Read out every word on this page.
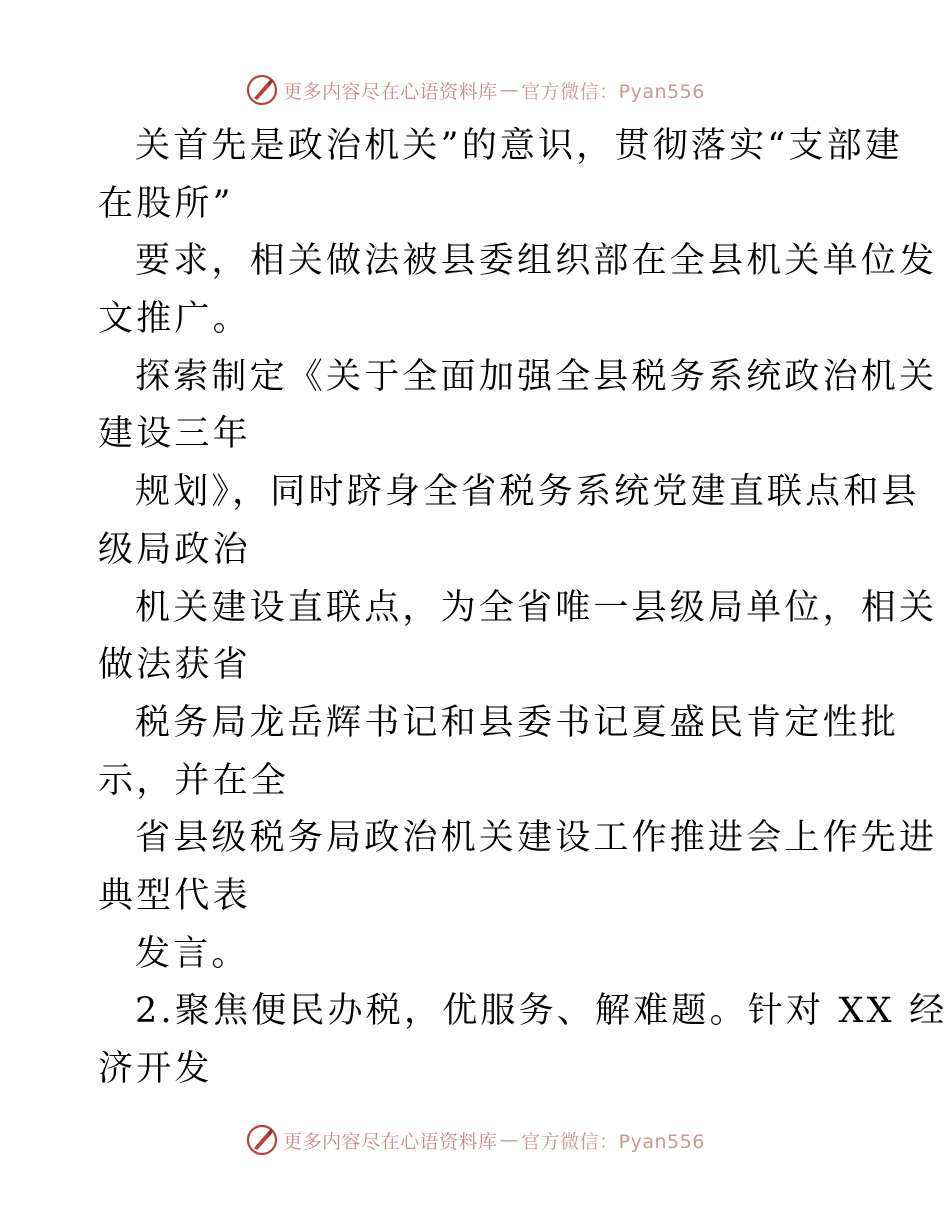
更多内容尽在心语资料库 — 官方微信：Pyan556
关首先是政治机关”的意识，贯彻落实“支部建
在股所”
要求，相关做法被县委组织部在全县机关单位发
文推广。
探索制定《关于全面加强全县税务系统政治机关
建设三年
规划》，同时跻身全省税务系统党建直联点和县
级局政治
机关建设直联点，为全省唯一县级局单位，相关
做法获省
税务局龙岳辉书记和县委书记夏盛民肯定性批
示，并在全
省县级税务局政治机关建设工作推进会上作先进
典型代表
发言。
2.聚焦便民办税，优服务、解难题。针对 XX 经
济开发
更多内容尽在心语资料库 — 官方微信：Pyan556
